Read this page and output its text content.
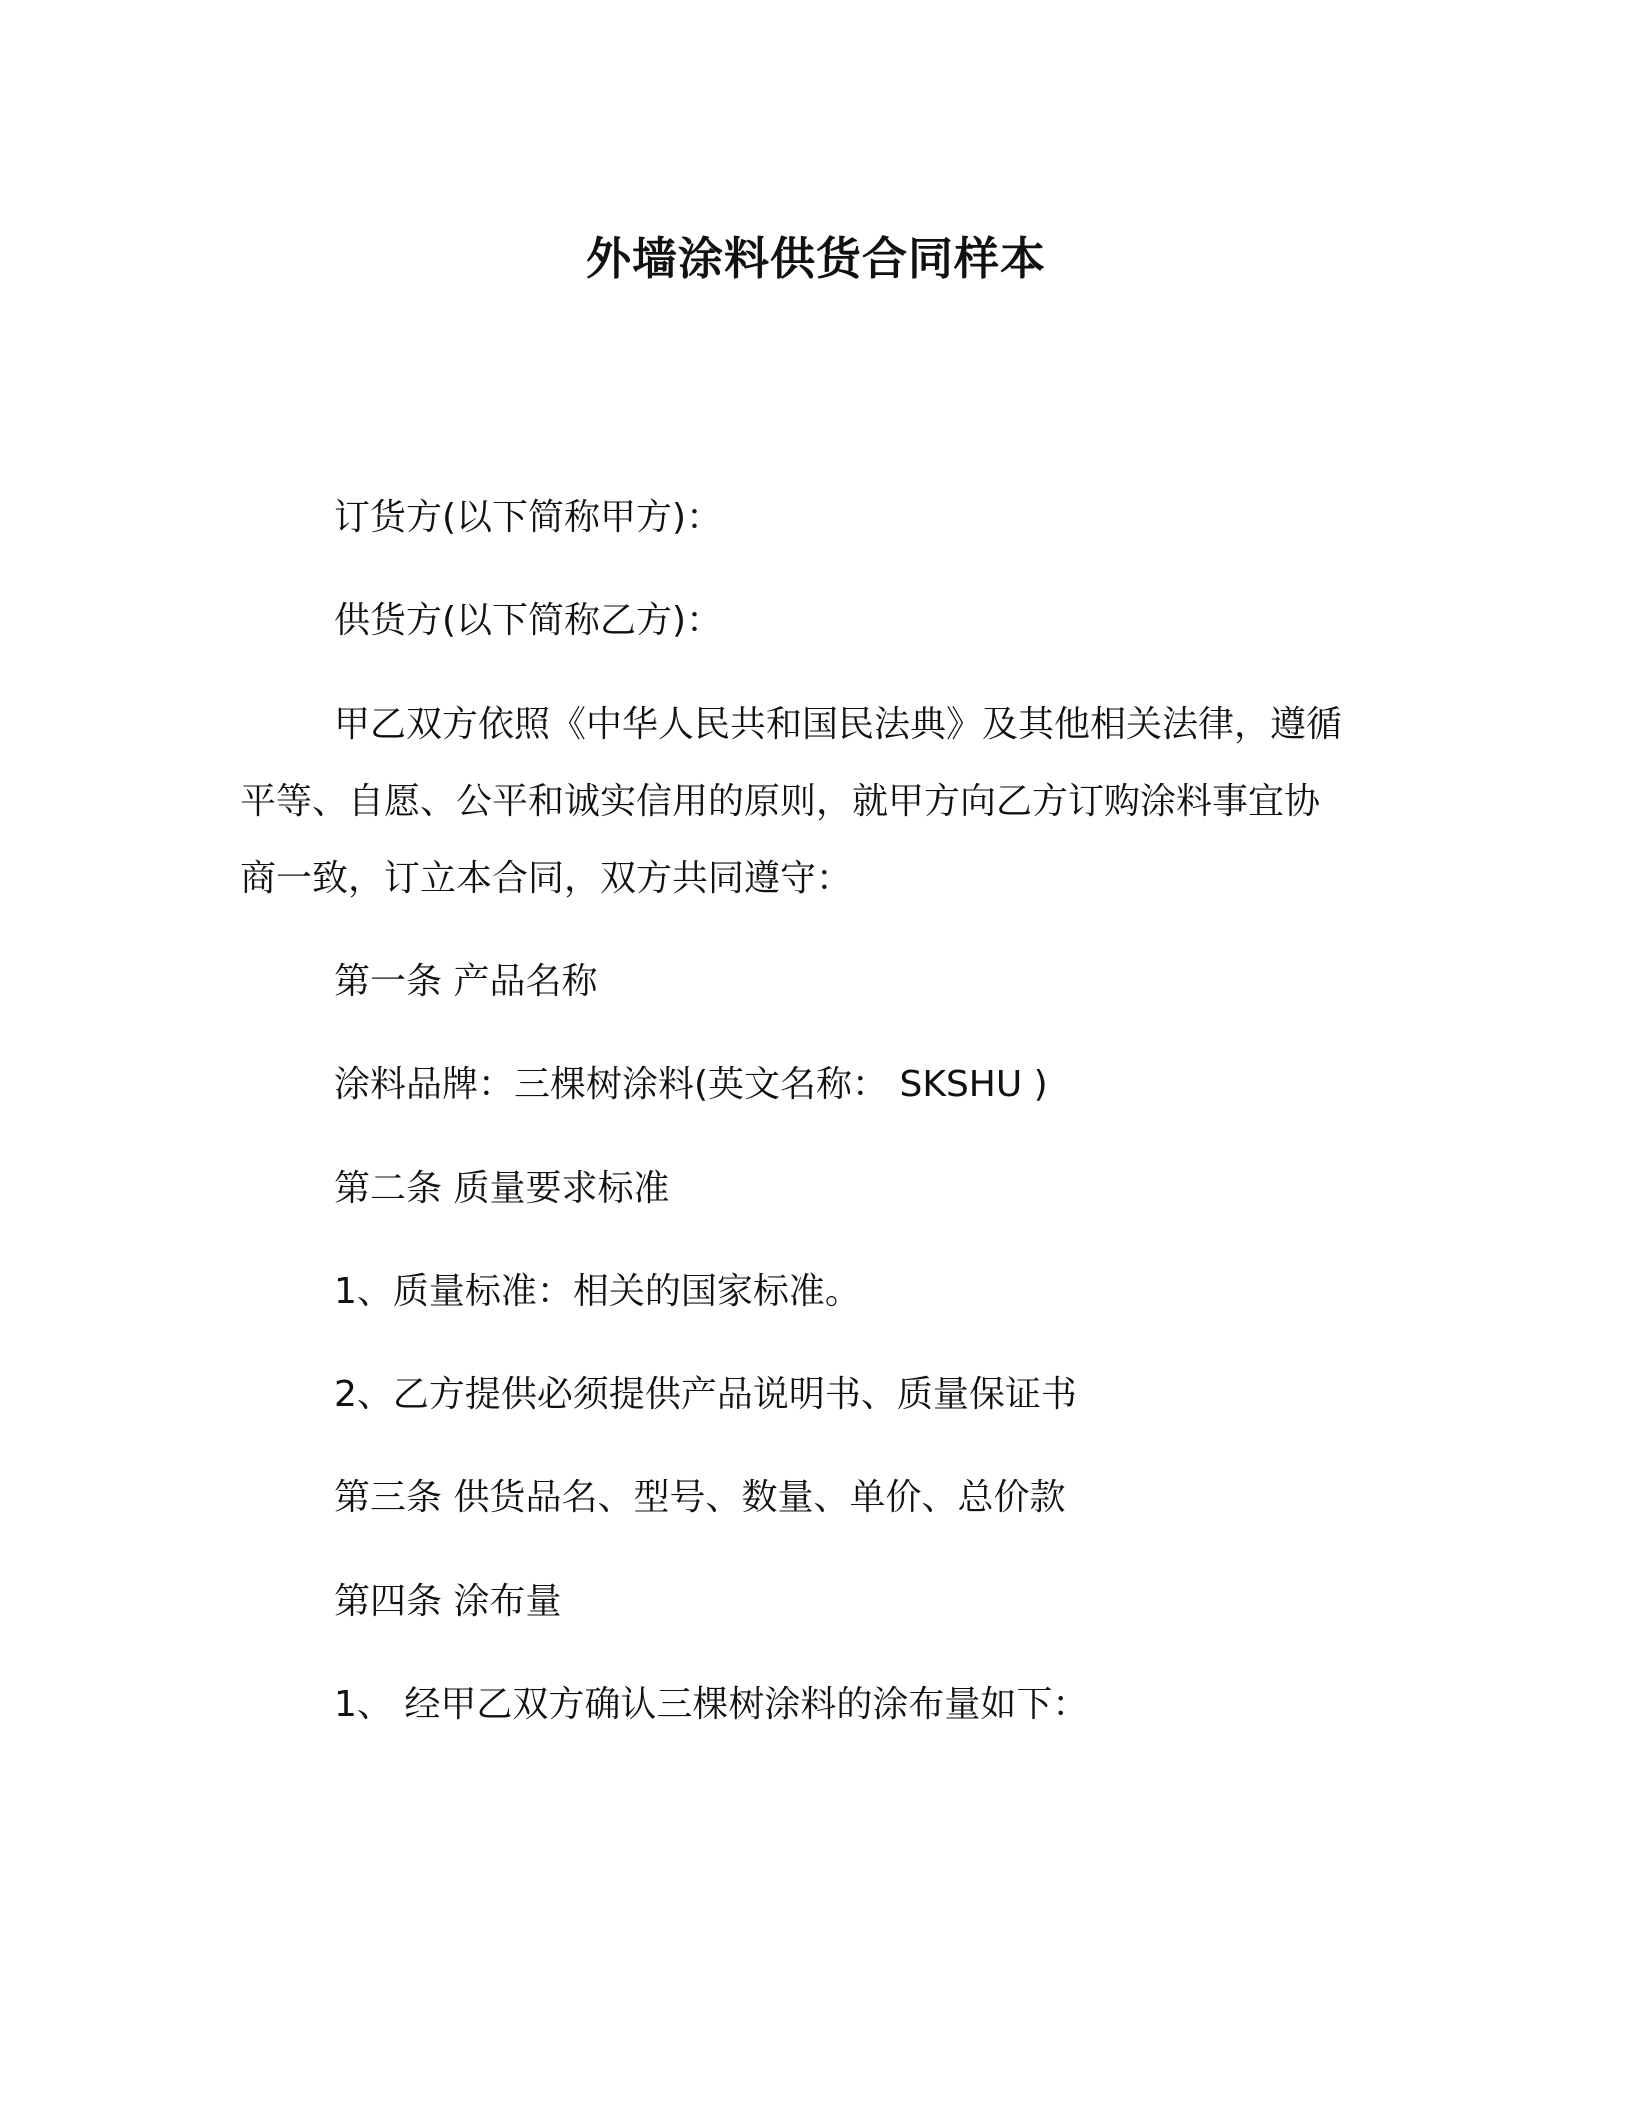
外墙涂料供货合同样本
订货方(以下简称甲方)：
供货方(以下简称乙方)：
甲乙双方依照《中华人民共和国民法典》及其他相关法律，遵循
平等、自愿、公平和诚实信用的原则，就甲方向乙方订购涂料事宜协
商一致，订立本合同，双方共同遵守：
第一条 产品名称
涂料品牌：三棵树涂料(英文名称： SKSHU )
第二条 质量要求标准
1、质量标准：相关的国家标准。
2、乙方提供必须提供产品说明书、质量保证书
第三条 供货品名、型号、数量、单价、总价款
第四条 涂布量
1、 经甲乙双方确认三棵树涂料的涂布量如下：
